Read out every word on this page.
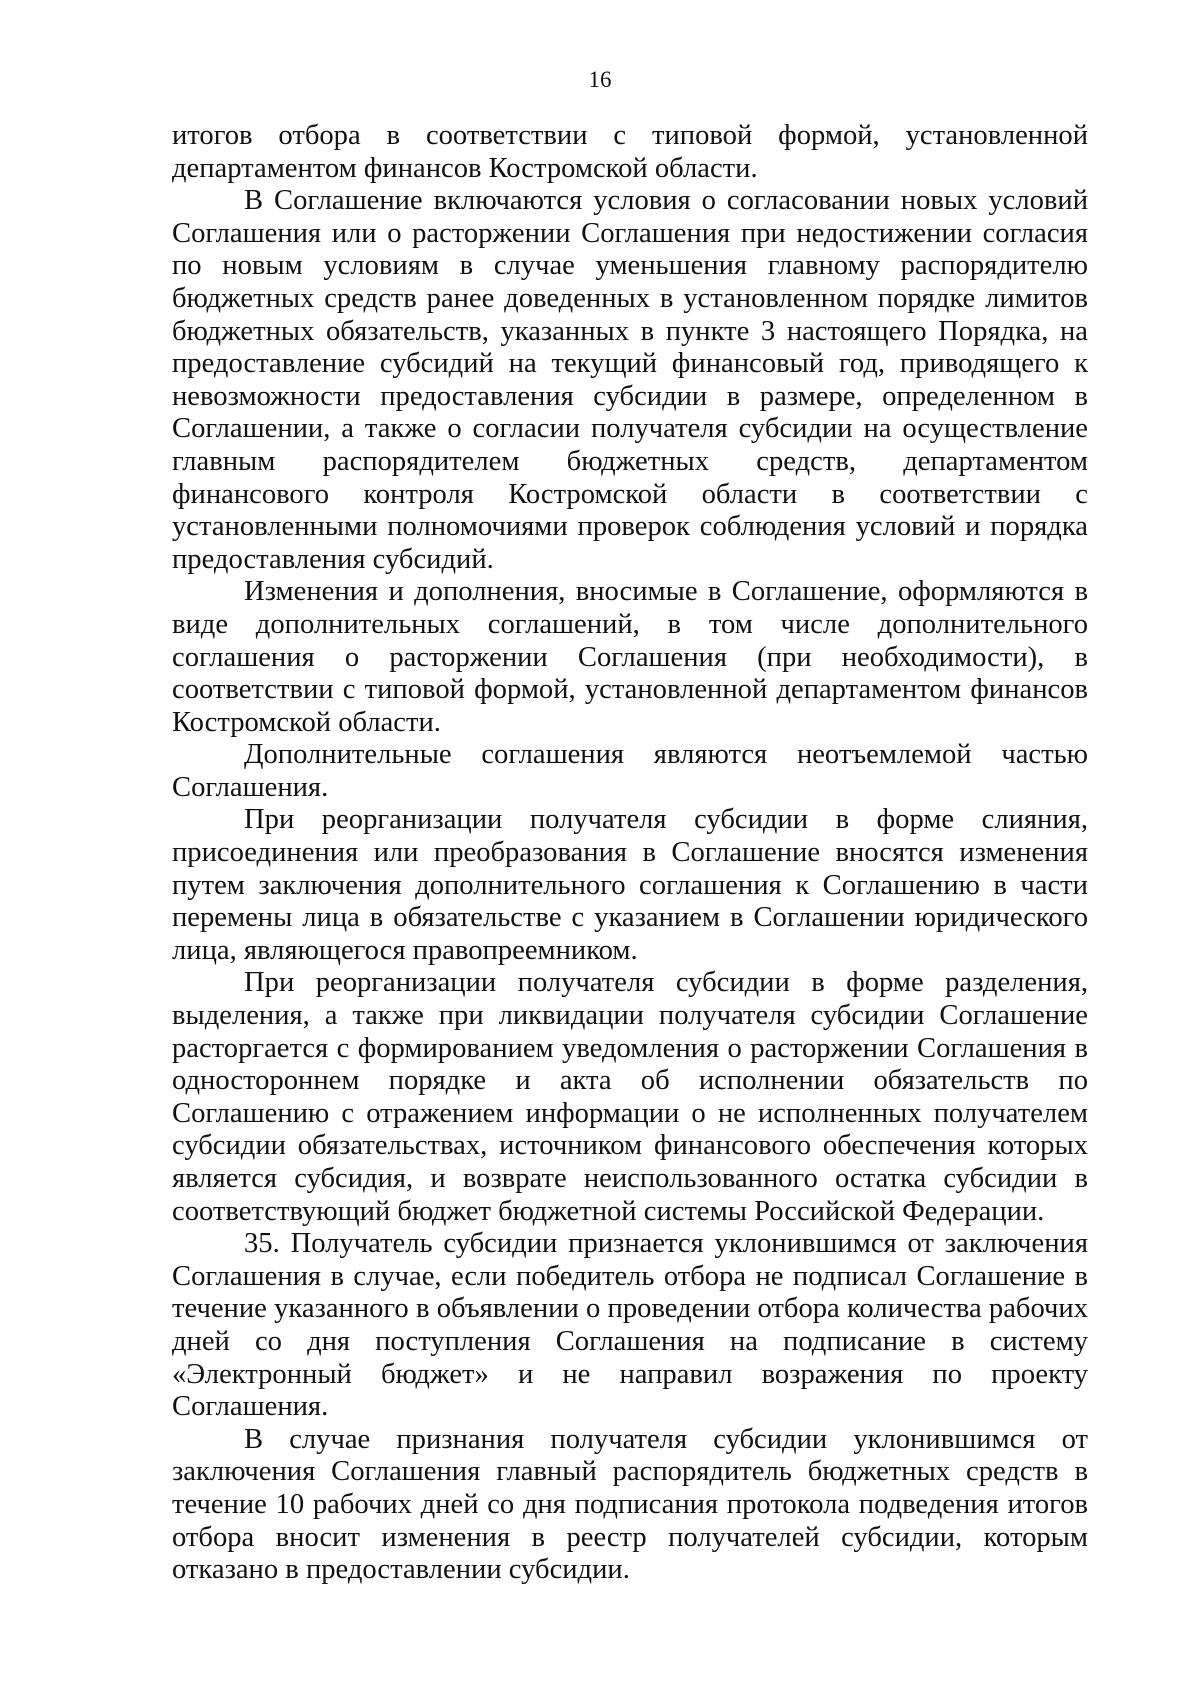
16

итогов отбора в соответствии с типовой формой, установленной департаментом финансов Костромской области.

В Соглашение включаются условия о согласовании новых условий Соглашения или о расторжении Соглашения при недостижении согласия по новым условиям в случае уменьшения главному распорядителю бюджетных средств ранее доведенных в установленном порядке лимитов бюджетных обязательств, указанных в пункте 3 настоящего Порядка, на предоставление субсидий на текущий финансовый год, приводящего к невозможности предоставления субсидии в размере, определенном в Соглашении, а также о согласии получателя субсидии на осуществление главным распорядителем бюджетных средств, департаментом финансового контроля Костромской области в соответствии с установленными полномочиями проверок соблюдения условий и порядка предоставления субсидий.

Изменения и дополнения, вносимые в Соглашение, оформляются в виде дополнительных соглашений, в том числе дополнительного соглашения о расторжении Соглашения (при необходимости), в соответствии с типовой формой, установленной департаментом финансов Костромской области.

Дополнительные соглашения являются неотъемлемой частью Соглашения.

При реорганизации получателя субсидии в форме слияния, присоединения или преобразования в Соглашение вносятся изменения путем заключения дополнительного соглашения к Соглашению в части перемены лица в обязательстве с указанием в Соглашении юридического лица, являющегося правопреемником.

При реорганизации получателя субсидии в форме разделения, выделения, а также при ликвидации получателя субсидии Соглашение расторгается с формированием уведомления о расторжении Соглашения в одностороннем порядке и акта об исполнении обязательств по Соглашению с отражением информации о не исполненных получателем субсидии обязательствах, источником финансового обеспечения которых является субсидия, и возврате неиспользованного остатка субсидии в соответствующий бюджет бюджетной системы Российской Федерации.

35. Получатель субсидии признается уклонившимся от заключения Соглашения в случае, если победитель отбора не подписал Соглашение в течение указанного в объявлении о проведении отбора количества рабочих дней со дня поступления Соглашения на подписание в систему «Электронный бюджет» и не направил возражения по проекту Соглашения.

В случае признания получателя субсидии уклонившимся от заключения Соглашения главный распорядитель бюджетных средств в течение 10 рабочих дней со дня подписания протокола подведения итогов отбора вносит изменения в реестр получателей субсидии, которым отказано в предоставлении субсидии.
